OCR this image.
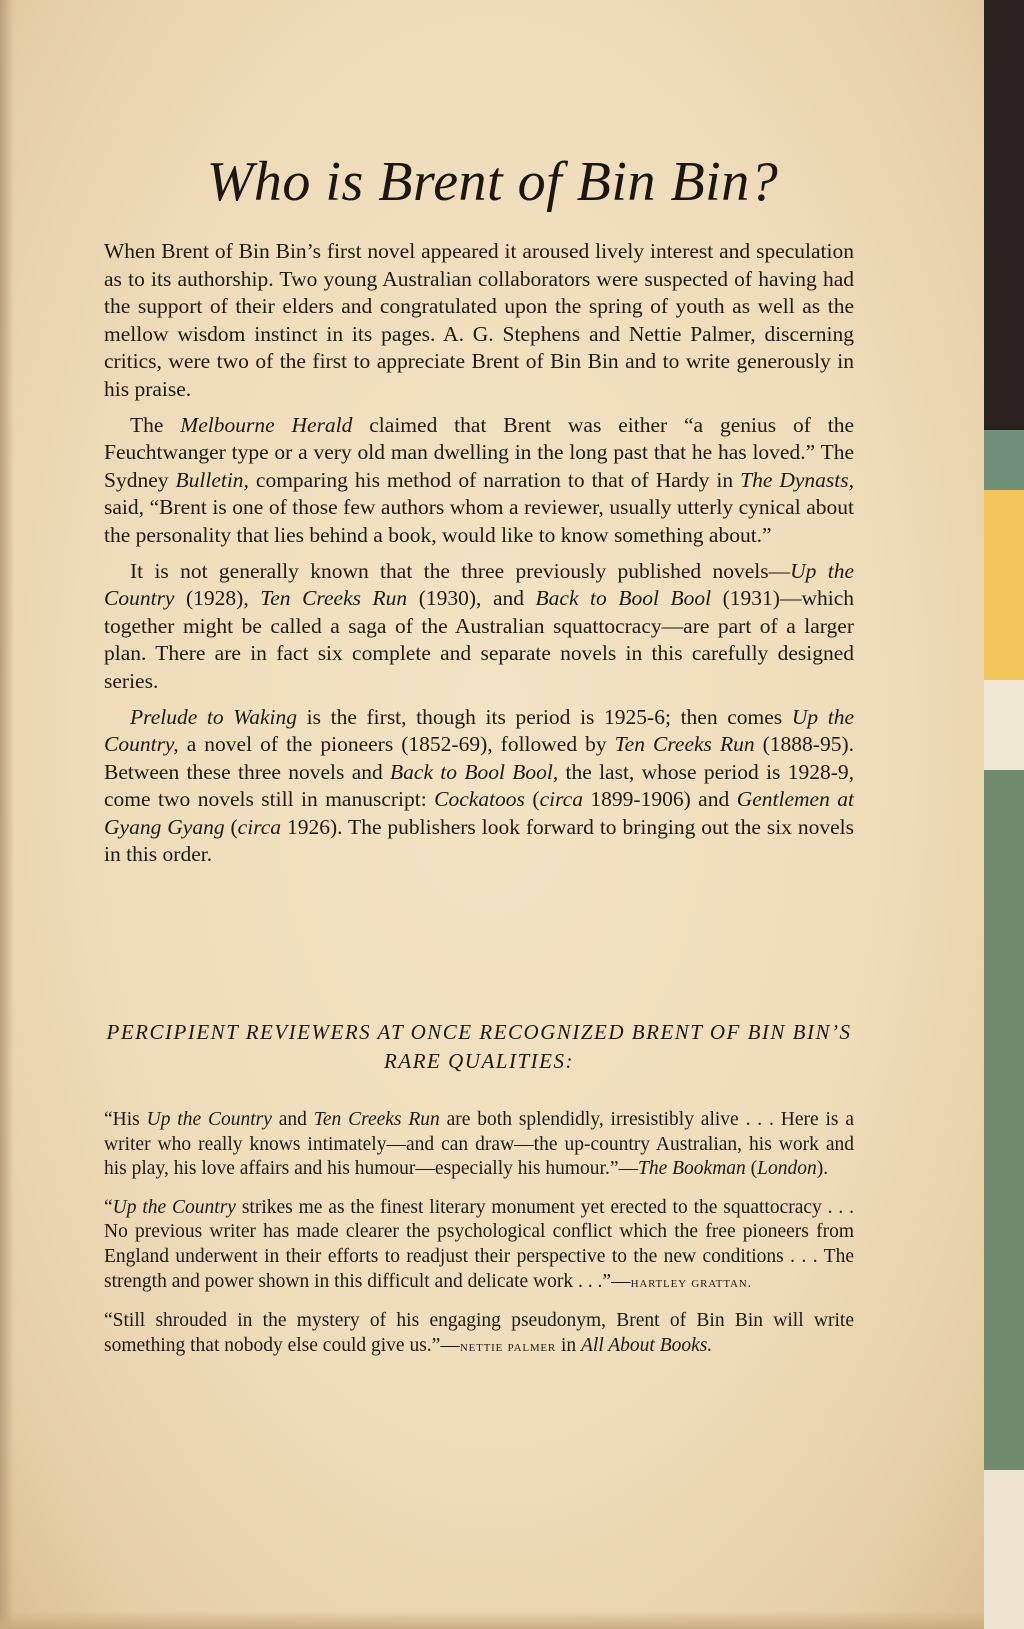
Who is Brent of Bin Bin?

When Brent of Bin Bin’s first novel appeared it aroused lively interest and speculation as to its authorship. Two young Australian collaborators were suspected of having had the support of their elders and congratulated upon the spring of youth as well as the mellow wisdom instinct in its pages. A. G. Stephens and Nettie Palmer, discerning critics, were two of the first to appreciate Brent of Bin Bin and to write generously in his praise.

The Melbourne Herald claimed that Brent was either “a genius of the Feuchtwanger type or a very old man dwelling in the long past that he has loved.” The Sydney Bulletin, comparing his method of narration to that of Hardy in The Dynasts, said, “Brent is one of those few authors whom a reviewer, usually utterly cynical about the personality that lies behind a book, would like to know something about.”

It is not generally known that the three previously published novels—Up the Country (1928), Ten Creeks Run (1930), and Back to Bool Bool (1931)—which together might be called a saga of the Australian squattocracy—are part of a larger plan. There are in fact six complete and separate novels in this carefully designed series.

Prelude to Waking is the first, though its period is 1925-6; then comes Up the Country, a novel of the pioneers (1852-69), followed by Ten Creeks Run (1888-95). Between these three novels and Back to Bool Bool, the last, whose period is 1928-9, come two novels still in manuscript: Cockatoos (circa 1899-1906) and Gentlemen at Gyang Gyang (circa 1926). The publishers look forward to bringing out the six novels in this order.

PERCIPIENT REVIEWERS AT ONCE RECOGNIZED BRENT OF BIN BIN’S RARE QUALITIES:

“His Up the Country and Ten Creeks Run are both splendidly, irresistibly alive . . . Here is a writer who really knows intimately—and can draw—the up-country Australian, his work and his play, his love affairs and his humour—especially his humour.”—The Bookman (London).

“Up the Country strikes me as the finest literary monument yet erected to the squattocracy . . . No previous writer has made clearer the psychological conflict which the free pioneers from England underwent in their efforts to readjust their perspective to the new conditions . . . The strength and power shown in this difficult and delicate work . . .”—hartley grattan.

“Still shrouded in the mystery of his engaging pseudonym, Brent of Bin Bin will write something that nobody else could give us.”—nettie palmer in All About Books.
